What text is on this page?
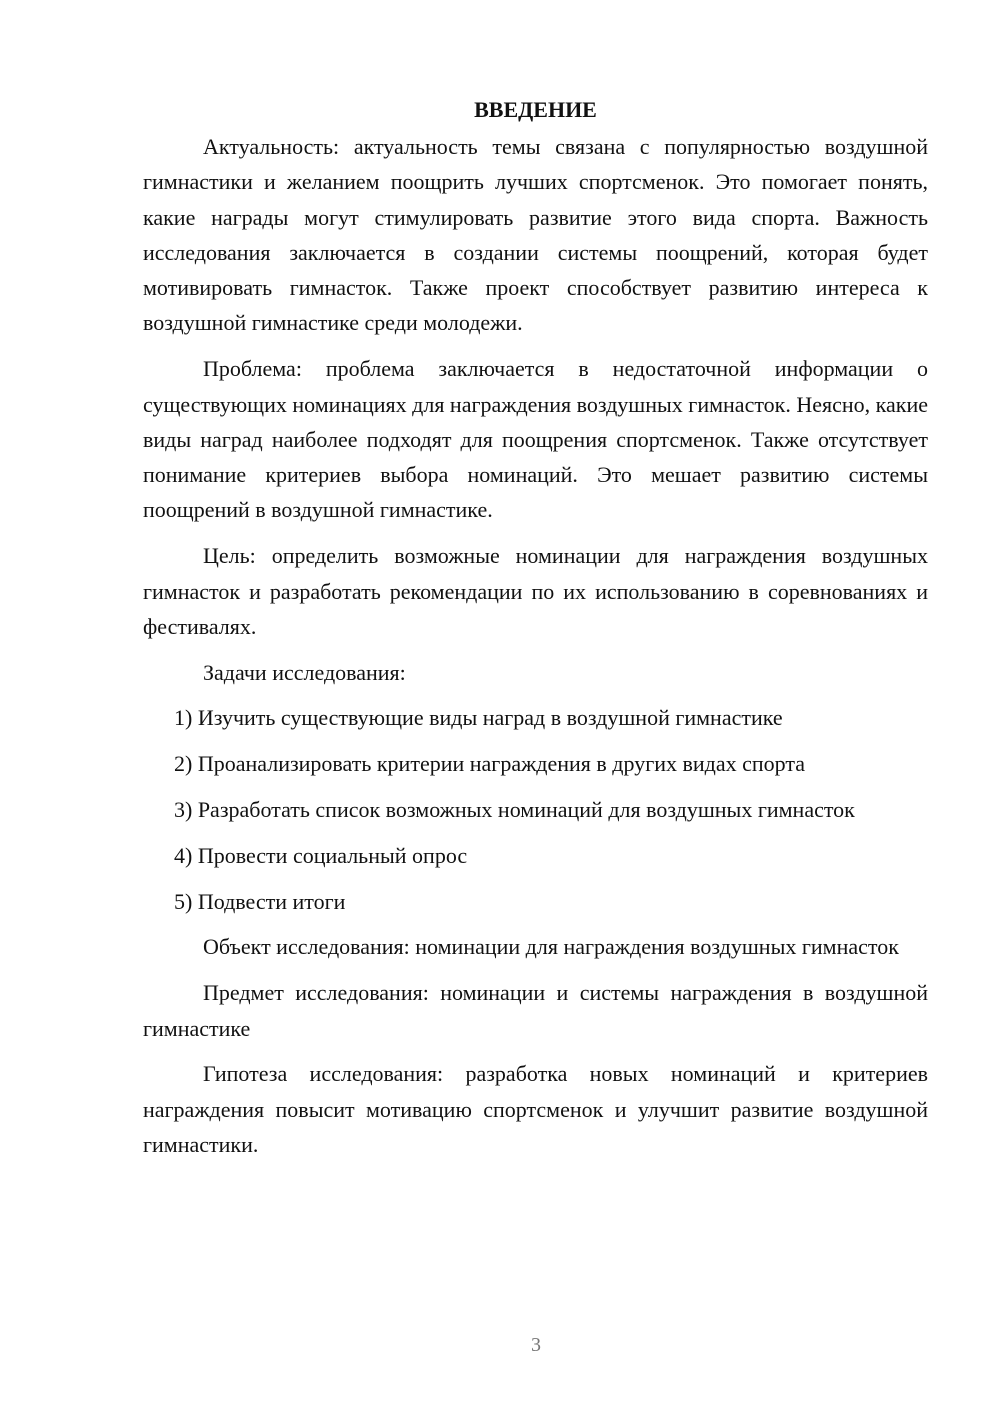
ВВЕДЕНИЕ

Актуальность: актуальность темы связана с популярностью воздушной гимнастики и желанием поощрить лучших спортсменок. Это помогает понять, какие награды могут стимулировать развитие этого вида спорта. Важность исследования заключается в создании системы поощрений, которая будет мотивировать гимнасток. Также проект способствует развитию интереса к воздушной гимнастике среди молодежи.

Проблема: проблема заключается в недостаточной информации о существующих номинациях для награждения воздушных гимнасток. Неясно, какие виды наград наиболее подходят для поощрения спортсменок. Также отсутствует понимание критериев выбора номинаций. Это мешает развитию системы поощрений в воздушной гимнастике.

Цель: определить возможные номинации для награждения воздушных гимнасток и разработать рекомендации по их использованию в соревнованиях и фестивалях.

Задачи исследования:

1) Изучить существующие виды наград в воздушной гимнастике

2) Проанализировать критерии награждения в других видах спорта

3) Разработать список возможных номинаций для воздушных гимнасток

4) Провести социальный опрос

5) Подвести итоги

Объект исследования: номинации для награждения воздушных гимнасток

Предмет исследования: номинации и системы награждения в воздушной гимнастике

Гипотеза исследования: разработка новых номинаций и критериев награждения повысит мотивацию спортсменок и улучшит развитие воздушной гимнастики.

3
